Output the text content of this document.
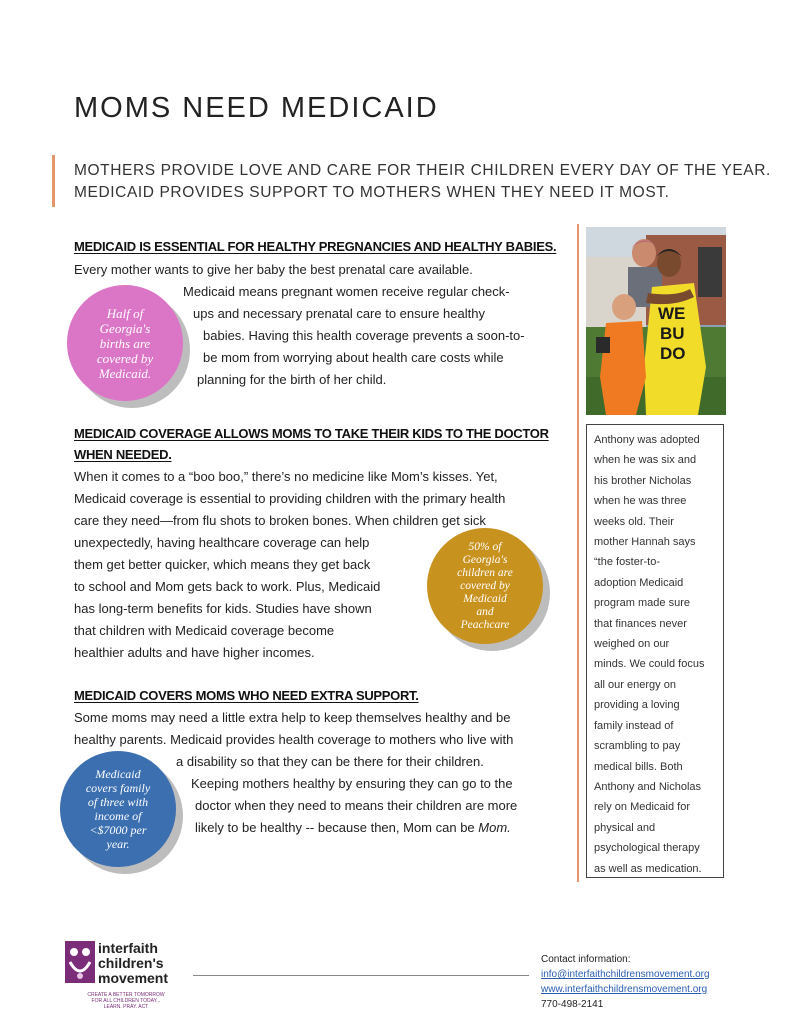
MOMS NEED MEDICAID
MOTHERS PROVIDE LOVE AND CARE FOR THEIR CHILDREN EVERY DAY OF THE YEAR.
MEDICAID PROVIDES SUPPORT TO MOTHERS WHEN THEY NEED IT MOST.
MEDICAID IS ESSENTIAL FOR HEALTHY PREGNANCIES AND HEALTHY BABIES.
Every mother wants to give her baby the best prenatal care available.
Medicaid means pregnant women receive regular check-
ups and necessary prenatal care to ensure healthy
babies. Having this health coverage prevents a soon-to-
be mom from worrying about health care costs while
planning for the birth of her child.
Half of
Georgia's
births are
covered by
Medicaid.
MEDICAID COVERAGE ALLOWS MOMS TO TAKE THEIR KIDS TO THE DOCTOR
WHEN NEEDED.
When it comes to a “boo boo,” there’s no medicine like Mom’s kisses. Yet,
Medicaid coverage is essential to providing children with the primary health
care they need—from flu shots to broken bones. When children get sick
unexpectedly, having healthcare coverage can help
them get better quicker, which means they get back
to school and Mom gets back to work. Plus, Medicaid
has long-term benefits for kids. Studies have shown
that children with Medicaid coverage become
healthier adults and have higher incomes.
50% of
Georgia's
children are
covered by
Medicaid
and
Peachcare
MEDICAID COVERS MOMS WHO NEED EXTRA SUPPORT.
Some moms may need a little extra help to keep themselves healthy and be
healthy parents. Medicaid provides health coverage to mothers who live with
a disability so that they can be there for their children.
Keeping mothers healthy by ensuring they can go to the
doctor when they need to means their children are more
likely to be healthy -- because then, Mom can be Mom.
Medicaid
covers family
of three with
income of
<$7000 per
year.
WE
BU
DO
Anthony was adopted
when he was six and
his brother Nicholas
when he was three
weeks old. Their
mother Hannah says
“the foster-to-
adoption Medicaid
program made sure
that finances never
weighed on our
minds. We could focus
all our energy on
providing a loving
family instead of
scrambling to pay
medical bills. Both
Anthony and Nicholas
rely on Medicaid for
physical and
psychological therapy
as well as medication.
interfaith
children's
movement
CREATE A BETTER TOMORROW
FOR ALL CHILDREN TODAY...
LEARN. PRAY. ACT
Contact information:
info@interfaithchildrensmovement.org
www.interfaithchildrensmovement.org
770-498-2141
